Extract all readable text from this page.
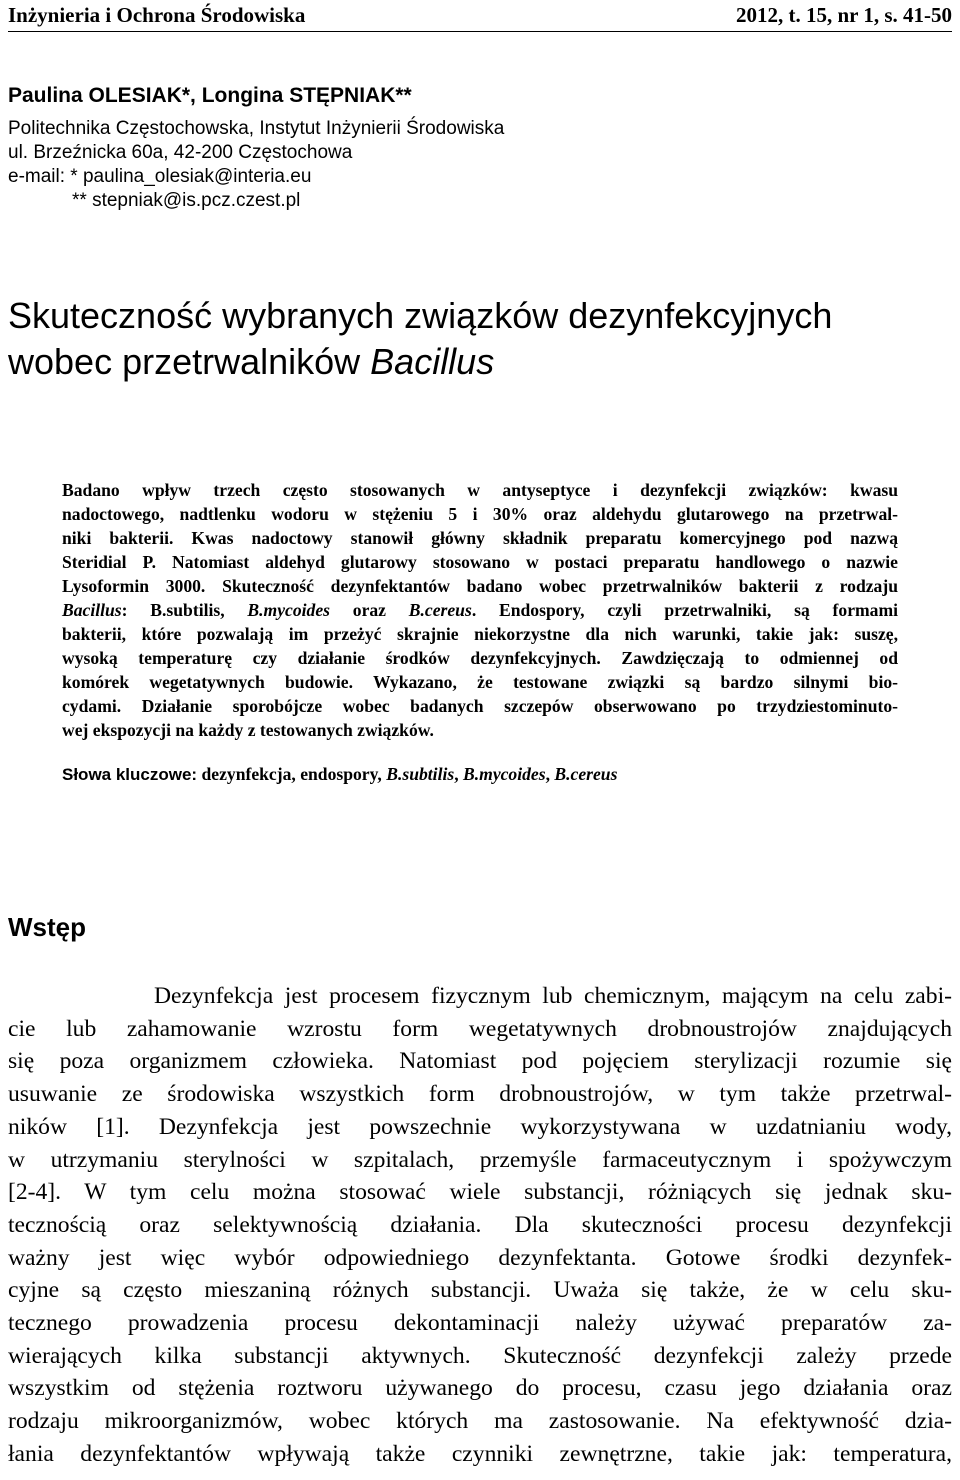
Inżynieria i Ochrona Środowiska	2012, t. 15, nr 1, s. 41-50
Paulina OLESIAK*, Longina STĘPNIAK**
Politechnika Częstochowska, Instytut Inżynierii Środowiska
ul. Brzeźnicka 60a, 42-200 Częstochowa
e-mail: * paulina_olesiak@interia.eu
** stepniak@is.pcz.czest.pl
Skuteczność wybranych związków dezynfekcyjnych
wobec przetrwalników Bacillus
Badano wpływ trzech często stosowanych w antyseptyce i dezynfekcji związków: kwasu
nadoctowego, nadtlenku wodoru w stężeniu 5 i 30% oraz aldehydu glutarowego na przetrwal-
niki bakterii. Kwas nadoctowy stanowił główny składnik preparatu komercyjnego pod nazwą
Steridial P. Natomiast aldehyd glutarowy stosowano w postaci preparatu handlowego o nazwie
Lysoformin 3000. Skuteczność dezynfektantów badano wobec przetrwalników bakterii z rodzaju
Bacillus: B.subtilis, B.mycoides oraz B.cereus. Endospory, czyli przetrwalniki, są formami
bakterii, które pozwalają im przeżyć skrajnie niekorzystne dla nich warunki, takie jak: suszę,
wysoką temperaturę czy działanie środków dezynfekcyjnych. Zawdzięczają to odmiennej od
komórek wegetatywnych budowie. Wykazano, że testowane związki są bardzo silnymi bio-
cydami. Działanie sporobójcze wobec badanych szczepów obserwowano po trzydziestominuto-
wej ekspozycji na każdy z testowanych związków.
Słowa kluczowe: dezynfekcja, endospory, B.subtilis, B.mycoides, B.cereus
Wstęp
Dezynfekcja jest procesem fizycznym lub chemicznym, mającym na celu zabi-
cie lub zahamowanie wzrostu form wegetatywnych drobnoustrojów znajdujących
się poza organizmem człowieka. Natomiast pod pojęciem sterylizacji rozumie się
usuwanie ze środowiska wszystkich form drobnoustrojów, w tym także przetrwal-
ników [1]. Dezynfekcja jest powszechnie wykorzystywana w uzdatnianiu wody,
w utrzymaniu sterylności w szpitalach, przemyśle farmaceutycznym i spożywczym
[2-4]. W tym celu można stosować wiele substancji, różniących się jednak sku-
tecznością oraz selektywnością działania. Dla skuteczności procesu dezynfekcji
ważny jest więc wybór odpowiedniego dezynfektanta. Gotowe środki dezynfek-
cyjne są często mieszaniną różnych substancji. Uważa się także, że w celu sku-
tecznego prowadzenia procesu dekontaminacji należy używać preparatów za-
wierających kilka substancji aktywnych. Skuteczność dezynfekcji zależy przede
wszystkim od stężenia roztworu używanego do procesu, czasu jego działania oraz
rodzaju mikroorganizmów, wobec których ma zastosowanie. Na efektywność dzia-
łania dezynfektantów wpływają także czynniki zewnętrzne, takie jak: temperatura,
